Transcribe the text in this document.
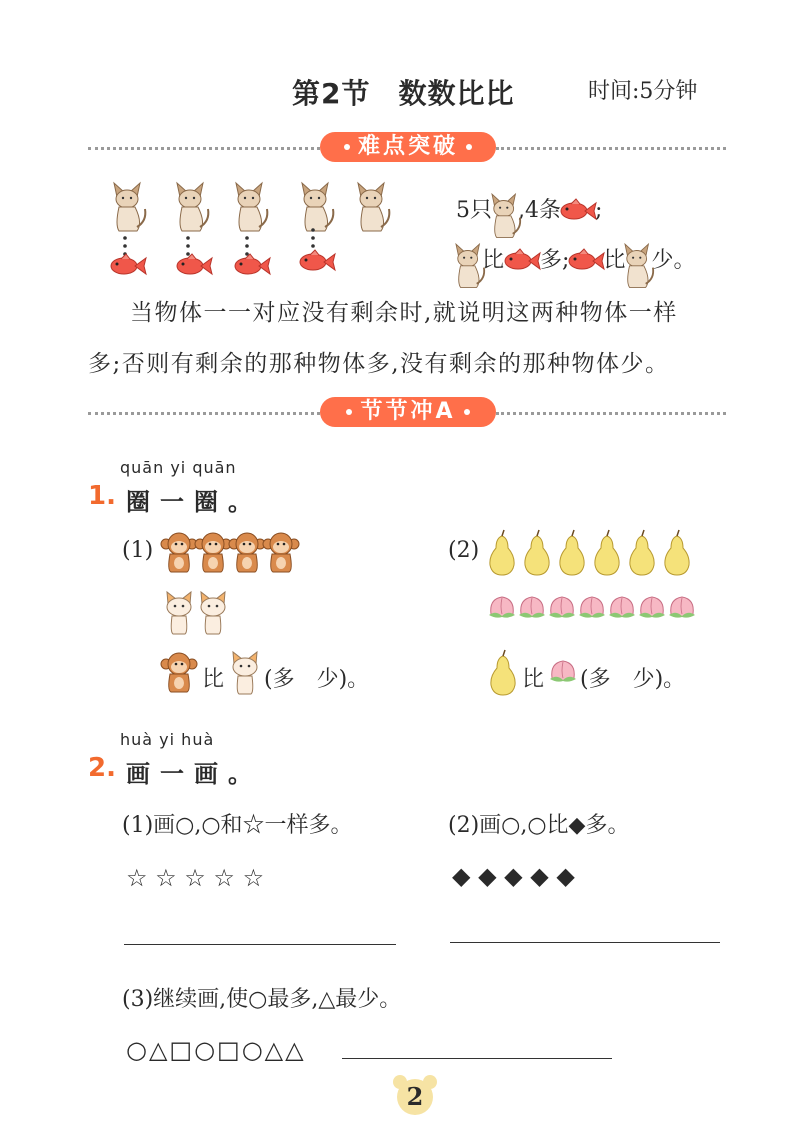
第2节 数数比比	时间:5分钟
难点突破
5只 ,4条 ;
比 多; 比 少。
当物体一一对应没有剩余时,就说明这两种物体一样
多;否则有剩余的那种物体多,没有剩余的那种物体少。
节节冲A
quān yi quān
1. 圈一圈。
(1)
比 (多　少)。
(2)
比 (多　少)。
huà yi huà
2. 画一画。
(1)画○,○和☆一样多。
☆ ☆ ☆ ☆ ☆
(2)画○,○比◆多。
◆ ◆ ◆ ◆ ◆
(3)继续画,使○最多,△最少。
○△□○□○△△
2
